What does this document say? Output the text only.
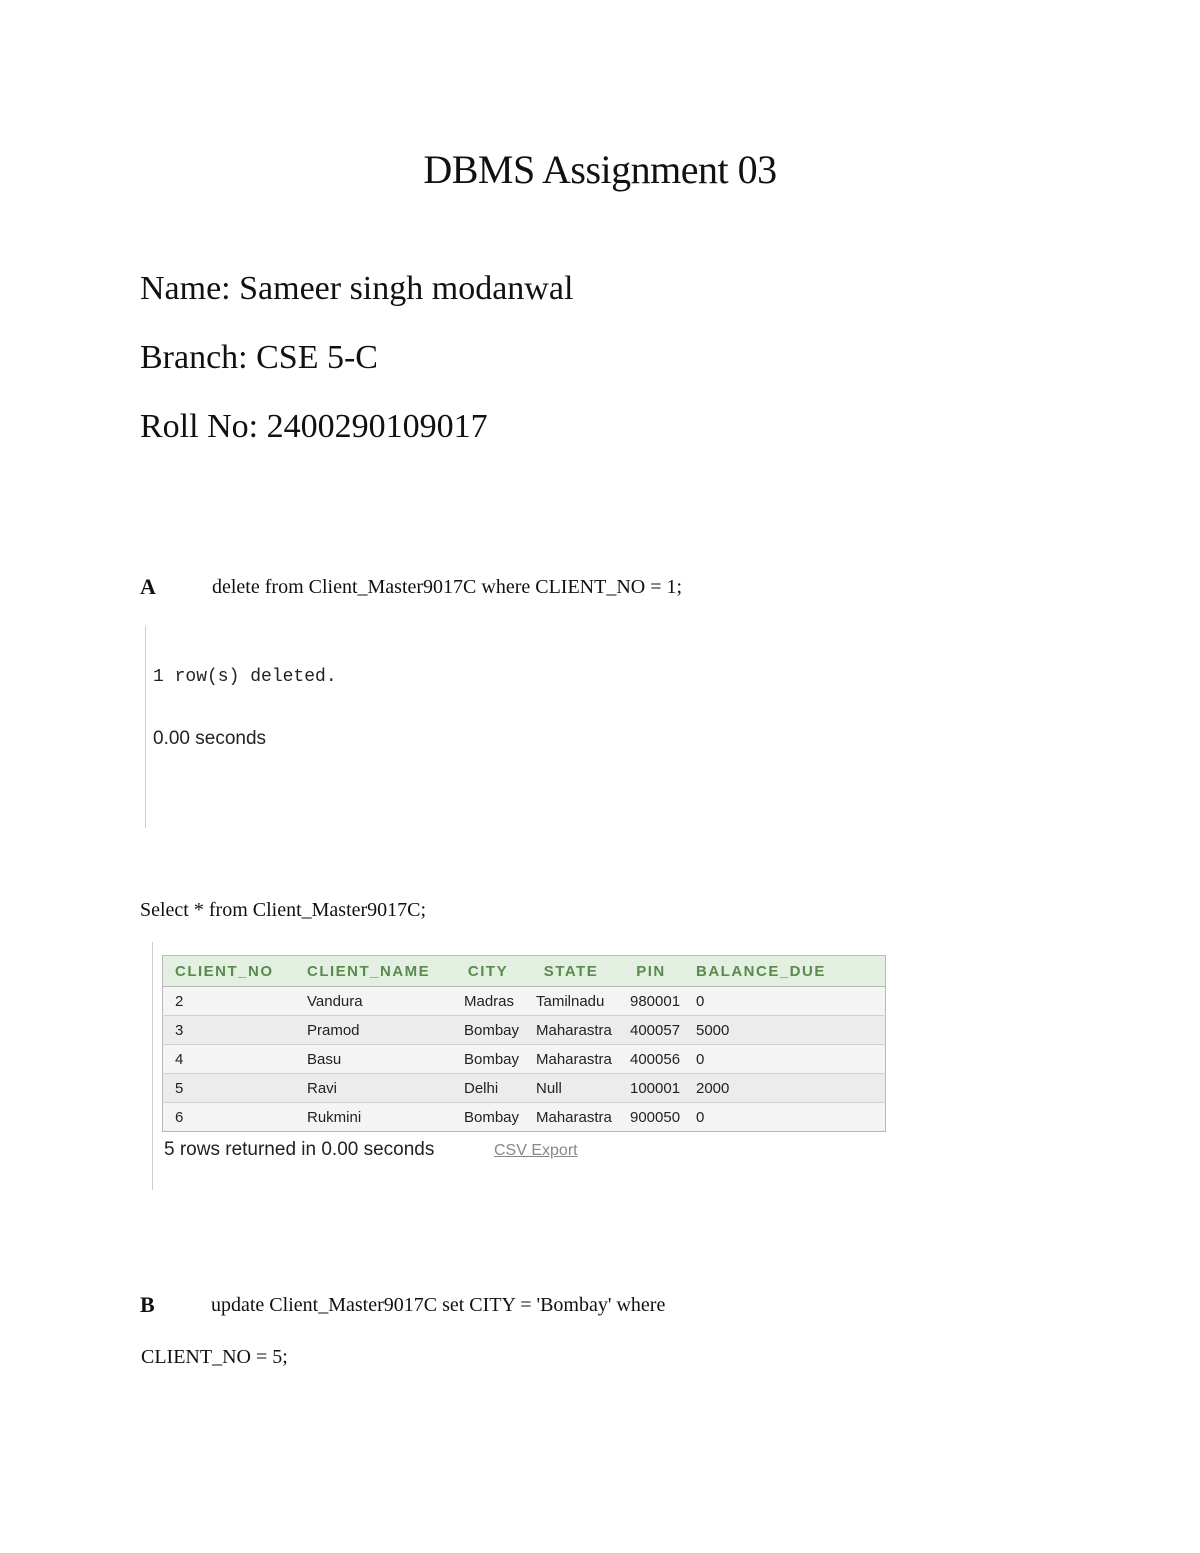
DBMS Assignment 03
Name: Sameer singh modanwal
Branch: CSE 5-C
Roll No: 2400290109017
A	delete from Client_Master9017C where CLIENT_NO = 1;
1 row(s) deleted.
0.00 seconds
Select * from Client_Master9017C;
CLIENT_NO	CLIENT_NAME	CITY	STATE	PIN	BALANCE_DUE
2	Vandura	Madras	Tamilnadu	980001	0
3	Pramod	Bombay	Maharastra	400057	5000
4	Basu	Bombay	Maharastra	400056	0
5	Ravi	Delhi	Null	100001	2000
6	Rukmini	Bombay	Maharastra	900050	0
5 rows returned in 0.00 seconds	CSV Export
B	update Client_Master9017C set CITY = 'Bombay' where
CLIENT_NO = 5;
